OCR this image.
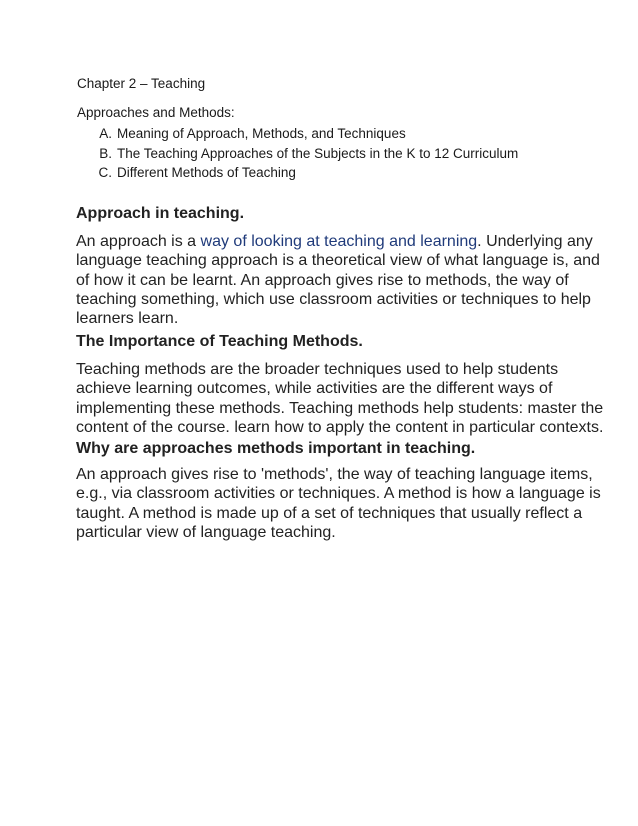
Chapter 2 – Teaching

Approaches and Methods:

A. Meaning of Approach, Methods, and Techniques
B. The Teaching Approaches of the Subjects in the K to 12 Curriculum
C. Different Methods of Teaching
Approach in teaching.

An approach is a way of looking at teaching and learning. Underlying any
language teaching approach is a theoretical view of what language is, and
of how it can be learnt. An approach gives rise to methods, the way of
teaching something, which use classroom activities or techniques to help
learners learn.

The Importance of Teaching Methods.

Teaching methods are the broader techniques used to help students
achieve learning outcomes, while activities are the different ways of
implementing these methods. Teaching methods help students: master the
content of the course. learn how to apply the content in particular contexts.

Why are approaches methods important in teaching.

An approach gives rise to 'methods', the way of teaching language items,
e.g., via classroom activities or techniques. A method is how a language is
taught. A method is made up of a set of techniques that usually reflect a
particular view of language teaching.
